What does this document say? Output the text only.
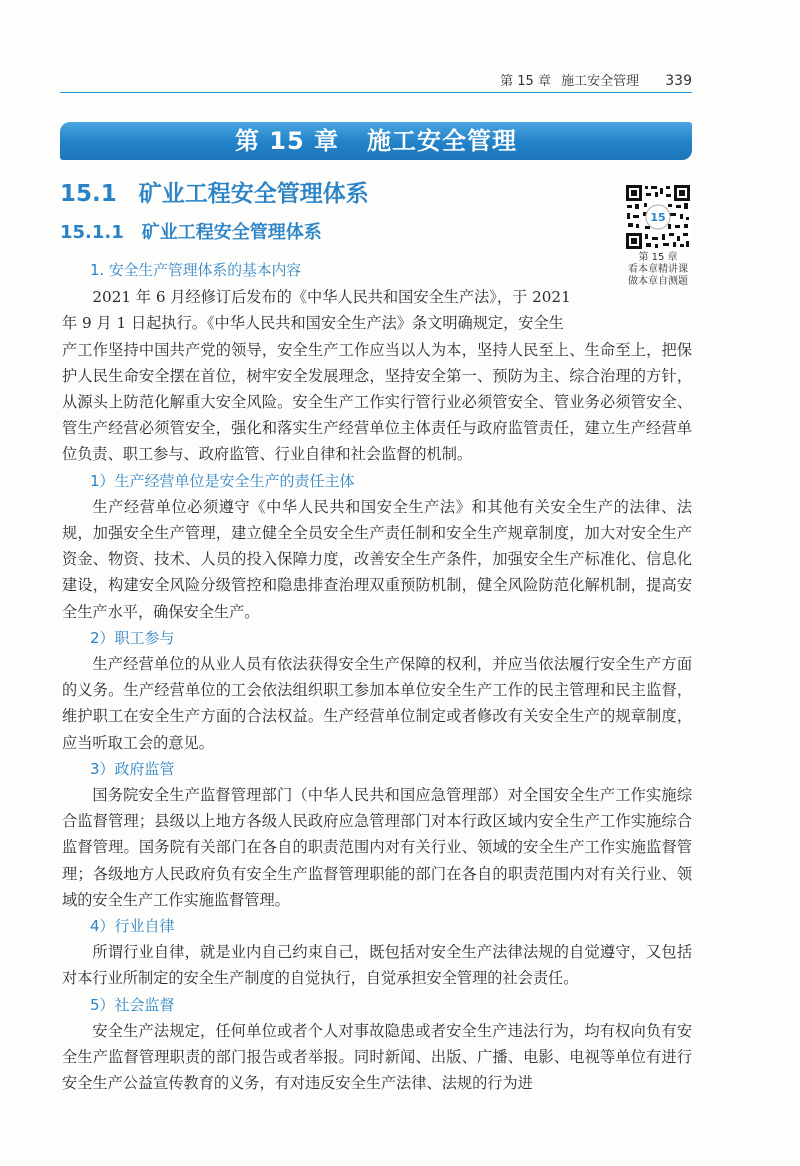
第 15 章 施工安全管理 339
第 15 章 施工安全管理
15.1 矿业工程安全管理体系
15.1.1 矿业工程安全管理体系
15
第 15 章
看本章精讲课
做本章自测题
1. 安全生产管理体系的基本内容

2021 年 6 月经修订后发布的《中华人民共和国安全生产法》，于 2021

年 9 月 1 日起执行。《中华人民共和国安全生产法》条文明确规定，安全生

产工作坚持中国共产党的领导，安全生产工作应当以人为本，坚持人民至上、生命至上，把保护人民生命安全摆在首位，树牢安全发展理念，坚持安全第一、预防为主、综合治理的方针，从源头上防范化解重大安全风险。安全生产工作实行管行业必须管安全、管业务必须管安全、管生产经营必须管安全，强化和落实生产经营单位主体责任与政府监管责任，建立生产经营单位负责、职工参与、政府监管、行业自律和社会监督的机制。

1）生产经营单位是安全生产的责任主体

生产经营单位必须遵守《中华人民共和国安全生产法》和其他有关安全生产的法律、法规，加强安全生产管理，建立健全全员安全生产责任制和安全生产规章制度，加大对安全生产资金、物资、技术、人员的投入保障力度，改善安全生产条件，加强安全生产标准化、信息化建设，构建安全风险分级管控和隐患排查治理双重预防机制，健全风险防范化解机制，提高安全生产水平，确保安全生产。

2）职工参与

生产经营单位的从业人员有依法获得安全生产保障的权利，并应当依法履行安全生产方面的义务。生产经营单位的工会依法组织职工参加本单位安全生产工作的民主管理和民主监督，维护职工在安全生产方面的合法权益。生产经营单位制定或者修改有关安全生产的规章制度，应当听取工会的意见。

3）政府监管

国务院安全生产监督管理部门（中华人民共和国应急管理部）对全国安全生产工作实施综合监督管理；县级以上地方各级人民政府应急管理部门对本行政区域内安全生产工作实施综合监督管理。国务院有关部门在各自的职责范围内对有关行业、领域的安全生产工作实施监督管理；各级地方人民政府负有安全生产监督管理职能的部门在各自的职责范围内对有关行业、领域的安全生产工作实施监督管理。

4）行业自律

所谓行业自律，就是业内自己约束自己，既包括对安全生产法律法规的自觉遵守，又包括对本行业所制定的安全生产制度的自觉执行，自觉承担安全管理的社会责任。

5）社会监督

安全生产法规定，任何单位或者个人对事故隐患或者安全生产违法行为，均有权向负有安全生产监督管理职责的部门报告或者举报。同时新闻、出版、广播、电影、电视等单位有进行安全生产公益宣传教育的义务，有对违反安全生产法律、法规的行为进
